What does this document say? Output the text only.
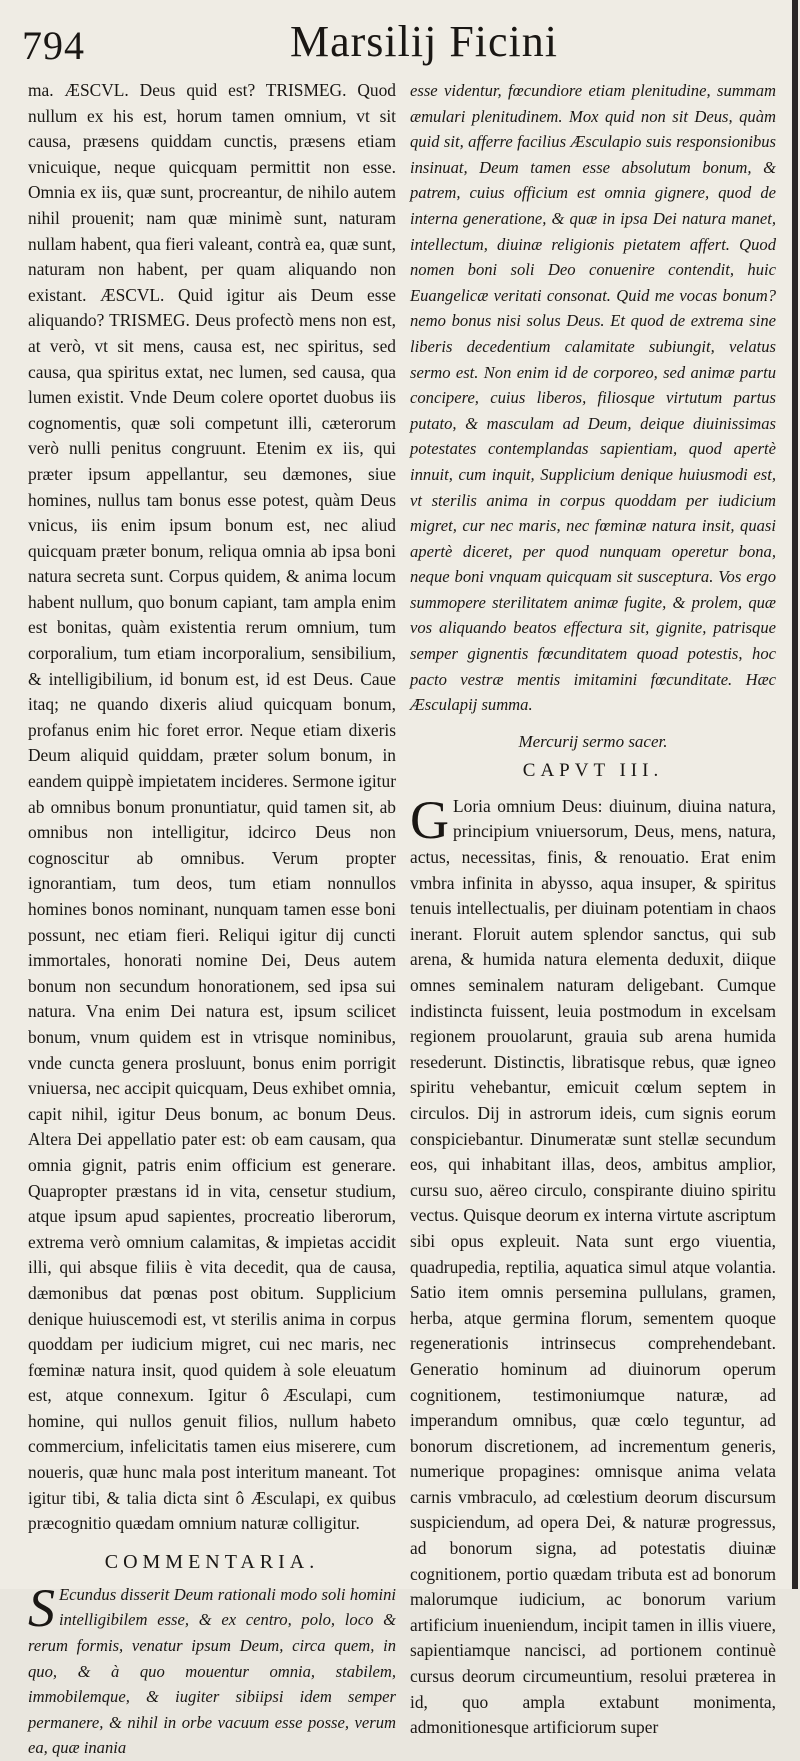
794	Marsilij Ficini

ma. ÆSCVL. Deus quid est? TRISMEG. Quod nullum ex his est, horum tamen omnium, vt sit causa, præsens quiddam cunctis, præsens etiam vnicuique, neque quicquam permittit non esse. Omnia ex iis, quæ sunt, procreantur, de nihilo autem nihil prouenit; nam quæ minimè sunt, naturam nullam habent, qua fieri valeant, contrà ea, quæ sunt, naturam non habent, per quam aliquando non existant. ÆSCVL. Quid igitur ais Deum esse aliquando? TRISMEG. Deus profectò mens non est, at verò, vt sit mens, causa est, nec spiritus, sed causa, qua spiritus extat, nec lumen, sed causa, qua lumen existit. Vnde Deum colere oportet duobus iis cognomentis, quæ soli competunt illi, cæterorum verò nulli penitus congruunt. Etenim ex iis, qui præter ipsum appellantur, seu dæmones, siue homines, nullus tam bonus esse potest, quàm Deus vnicus, iis enim ipsum bonum est, nec aliud quicquam præter bonum, reliqua omnia ab ipsa boni natura secreta sunt. Corpus quidem, & anima locum habent nullum, quo bonum capiant, tam ampla enim est bonitas, quàm existentia rerum omnium, tum corporalium, tum etiam incorporalium, sensibilium, & intelligibilium, id bonum est, id est Deus. Caue itaq; ne quando dixeris aliud quicquam bonum, profanus enim hic foret error. Neque etiam dixeris Deum aliquid quiddam, præter solum bonum, in eandem quippè impietatem incideres. Sermone igitur ab omnibus bonum pronuntiatur, quid tamen sit, ab omnibus non intelligitur, idcirco Deus non cognoscitur ab omnibus. Verum propter ignorantiam, tum deos, tum etiam nonnullos homines bonos nominant, nunquam tamen esse boni possunt, nec etiam fieri. Reliqui igitur dij cuncti immortales, honorati nomine Dei, Deus autem bonum non secundum honorationem, sed ipsa sui natura. Vna enim Dei natura est, ipsum scilicet bonum, vnum quidem est in vtrisque nominibus, vnde cuncta genera prosluunt, bonus enim porrigit vniuersa, nec accipit quicquam, Deus exhibet omnia, capit nihil, igitur Deus bonum, ac bonum Deus. Altera Dei appellatio pater est: ob eam causam, qua omnia gignit, patris enim officium est generare. Quapropter præstans id in vita, censetur studium, atque ipsum apud sapientes, procreatio liberorum, extrema verò omnium calamitas, & impietas accidit illi, qui absque filiis è vita decedit, qua de causa, dæmonibus dat pœnas post obitum. Supplicium denique huiuscemodi est, vt sterilis anima in corpus quoddam per iudicium migret, cui nec maris, nec fœminæ natura insit, quod quidem à sole eleuatum est, atque connexum. Igitur ô Æsculapi, cum homine, qui nullos genuit filios, nullum habeto commercium, infelicitatis tamen eius miserere, cum noueris, quæ hunc mala post interitum maneant. Tot igitur tibi, & talia dicta sint ô Æsculapi, ex quibus præcognitio quædam omnium naturæ colligitur.

COMMENTARIA.

S Ecundus disserit Deum rationali modo soli homini intelligibilem esse, & ex centro, polo, loco & rerum formis, venatur ipsum Deum, circa quem, in quo, & à quo mouentur omnia, stabilem, immobilemque, & iugiter sibiipsi idem semper permanere, & nihil in orbe vacuum esse posse, verum ea, quæ inania

esse videntur, fœcundiore etiam plenitudine, summam æmulari plenitudinem. Mox quid non sit Deus, quàm quid sit, afferre facilius Æsculapio suis responsionibus insinuat, Deum tamen esse absolutum bonum, & patrem, cuius officium est omnia gignere, quod de interna generatione, & quæ in ipsa Dei natura manet, intellectum, diuinæ religionis pietatem affert. Quod nomen boni soli Deo conuenire contendit, huic Euangelicæ veritati consonat. Quid me vocas bonum? nemo bonus nisi solus Deus. Et quod de extrema sine liberis decedentium calamitate subiungit, velatus sermo est. Non enim id de corporeo, sed animæ partu concipere, cuius liberos, filiosque virtutum partus putato, & masculam ad Deum, deique diuinissimas potestates contemplandas sapientiam, quod apertè innuit, cum inquit, Supplicium denique huiusmodi est, vt sterilis anima in corpus quoddam per iudicium migret, cur nec maris, nec fœminæ natura insit, quasi apertè diceret, per quod nunquam operetur bona, neque boni vnquam quicquam sit susceptura. Vos ergo summopere sterilitatem animæ fugite, & prolem, quæ vos aliquando beatos effectura sit, gignite, patrisque semper gignentis fœcunditatem quoad potestis, hoc pacto vestræ mentis imitamini fœcunditate. Hæc Æsculapij summa.

Mercurij sermo sacer.
CAPVT III.

G Loria omnium Deus: diuinum, diuina natura, principium vniuersorum, Deus, mens, natura, actus, necessitas, finis, & renouatio. Erat enim vmbra infinita in abysso, aqua insuper, & spiritus tenuis intellectualis, per diuinam potentiam in chaos inerant. Floruit autem splendor sanctus, qui sub arena, & humida natura elementa deduxit, diique omnes seminalem naturam deligebant. Cumque indistincta fuissent, leuia postmodum in excelsam regionem prouolarunt, grauia sub arena humida resederunt. Distinctis, libratisque rebus, quæ igneo spiritu vehebantur, emicuit cœlum septem in circulos. Dij in astrorum ideis, cum signis eorum conspiciebantur. Dinumeratæ sunt stellæ secundum eos, qui inhabitant illas, deos, ambitus amplior, cursu suo, aëreo circulo, conspirante diuino spiritu vectus. Quisque deorum ex interna virtute ascriptum sibi opus expleuit. Nata sunt ergo viuentia, quadrupedia, reptilia, aquatica simul atque volantia. Satio item omnis persemina pullulans, gramen, herba, atque germina florum, sementem quoque regenerationis intrinsecus comprehendebant. Generatio hominum ad diuinorum operum cognitionem, testimoniumque naturæ, ad imperandum omnibus, quæ cœlo teguntur, ad bonorum discretionem, ad incrementum generis, numerique propagines: omnisque anima velata carnis vmbraculo, ad cœlestium deorum discursum suspiciendum, ad opera Dei, & naturæ progressus, ad bonorum signa, ad potestatis diuinæ cognitionem, portio quædam tributa est ad bonorum malorumque iudicium, ac bonorum varium artificium inueniendum, incipit tamen in illis viuere, sapientiamque nancisci, ad portionem continuè cursus deorum circumeuntium, resolui præterea in id, quo ampla extabunt monimenta, admonitionesque artificiorum super
